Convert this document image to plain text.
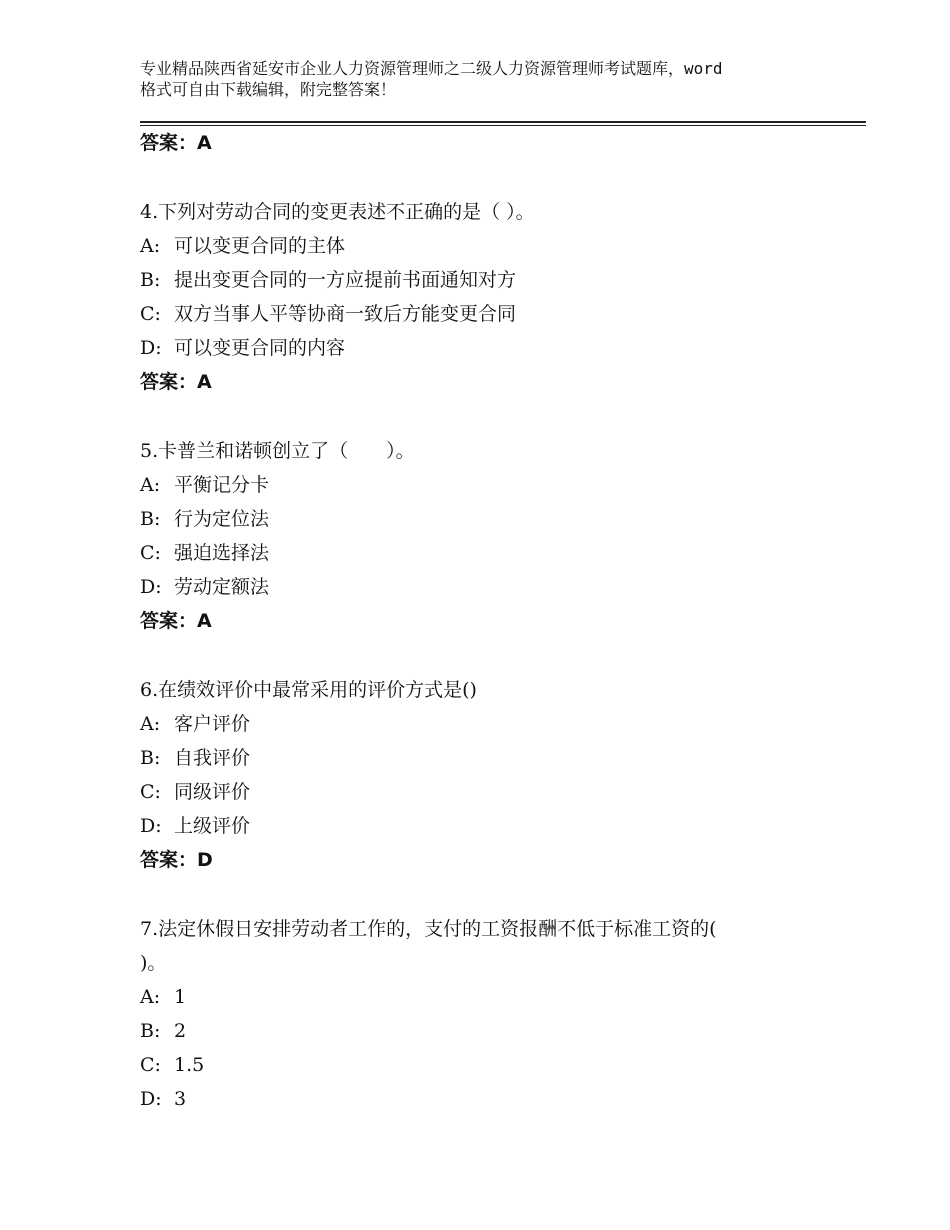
专业精品陕西省延安市企业人力资源管理师之二级人力资源管理师考试题库，word
格式可自由下载编辑，附完整答案！
答案：A
4.下列对劳动合同的变更表述不正确的是（ ）。
A: 可以变更合同的主体
B: 提出变更合同的一方应提前书面通知对方
C: 双方当事人平等协商一致后方能变更合同
D: 可以变更合同的内容
答案：A
5.卡普兰和诺顿创立了（　　）。
A: 平衡记分卡
B: 行为定位法
C: 强迫选择法
D: 劳动定额法
答案：A
6.在绩效评价中最常采用的评价方式是()
A: 客户评价
B: 自我评价
C: 同级评价
D: 上级评价
答案：D
7.法定休假日安排劳动者工作的，支付的工资报酬不低于标准工资的(
)。
A: 1
B: 2
C: 1.5
D: 3
